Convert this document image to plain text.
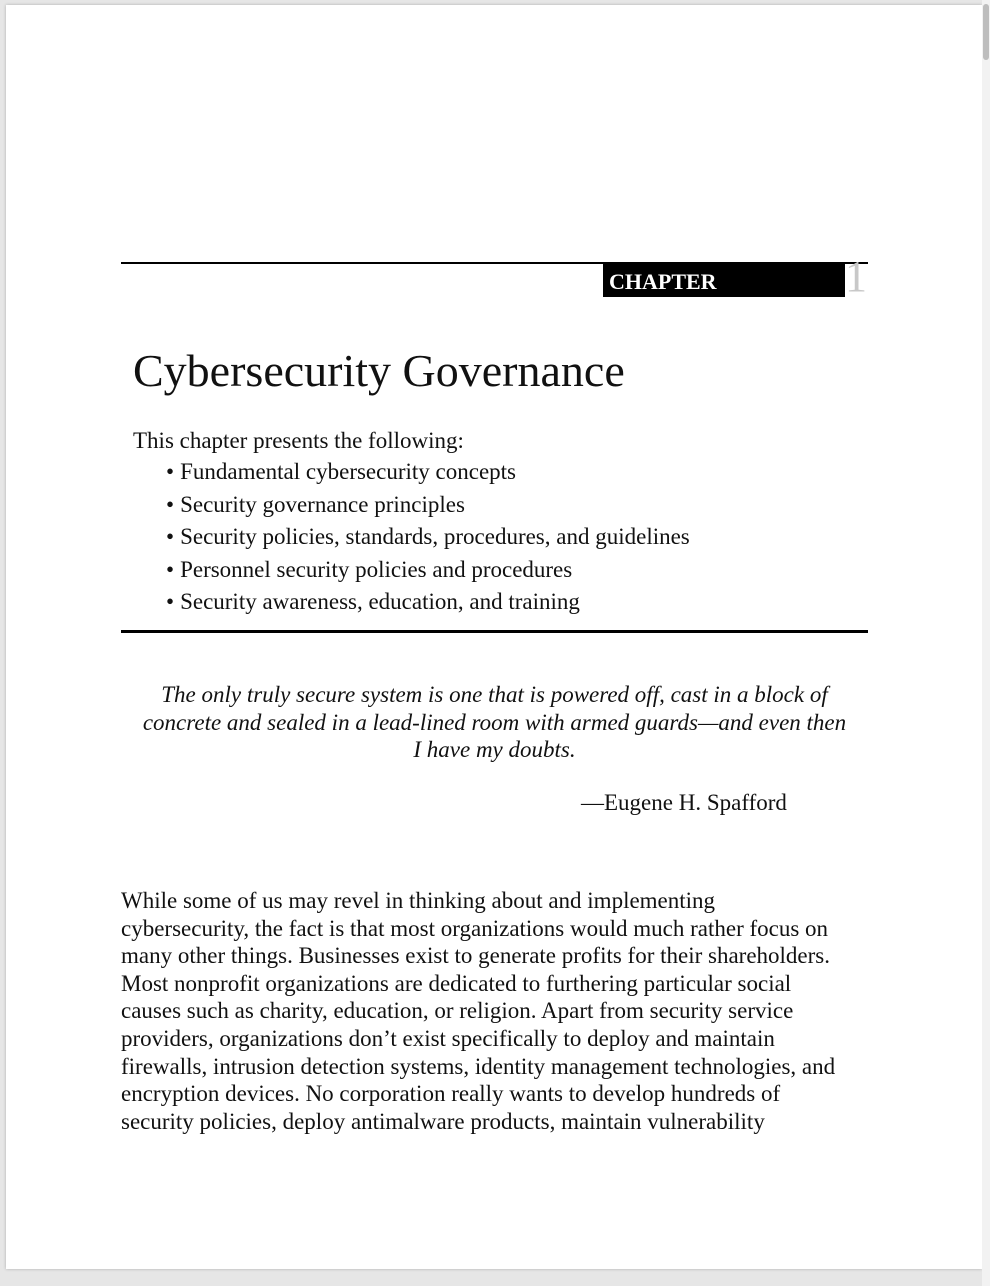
CHAPTER	1
Cybersecurity Governance
This chapter presents the following:
• Fundamental cybersecurity concepts
• Security governance principles
• Security policies, standards, procedures, and guidelines
• Personnel security policies and procedures
• Security awareness, education, and training
The only truly secure system is one that is powered off, cast in a block of
concrete and sealed in a lead-lined room with armed guards—and even then
I have my doubts.
—Eugene H. Spafford
While some of us may revel in thinking about and implementing
cybersecurity, the fact is that most organizations would much rather focus on
many other things. Businesses exist to generate profits for their shareholders.
Most nonprofit organizations are dedicated to furthering particular social
causes such as charity, education, or religion. Apart from security service
providers, organizations don’t exist specifically to deploy and maintain
firewalls, intrusion detection systems, identity management technologies, and
encryption devices. No corporation really wants to develop hundreds of
security policies, deploy antimalware products, maintain vulnerability
